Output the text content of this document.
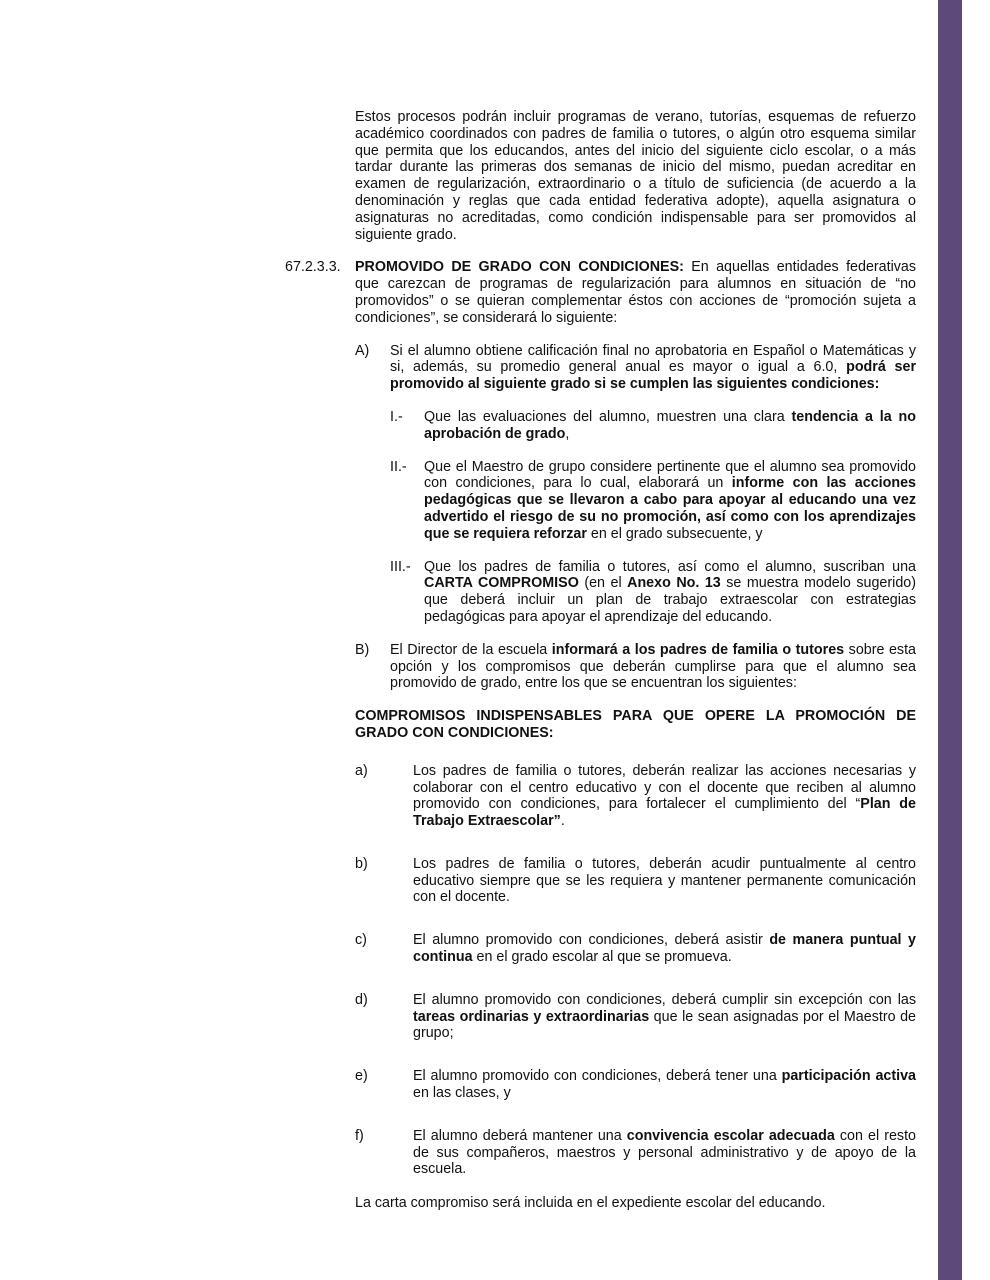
Estos procesos podrán incluir programas de verano, tutorías, esquemas de refuerzo académico coordinados con padres de familia o tutores, o algún otro esquema similar que permita que los educandos, antes del inicio del siguiente ciclo escolar, o a más tardar durante las primeras dos semanas de inicio del mismo, puedan acreditar en examen de regularización, extraordinario o a título de suficiencia (de acuerdo a la denominación y reglas que cada entidad federativa adopte), aquella asignatura o asignaturas no acreditadas, como condición indispensable para ser promovidos al siguiente grado.

67.2.3.3. PROMOVIDO DE GRADO CON CONDICIONES: En aquellas entidades federativas que carezcan de programas de regularización para alumnos en situación de “no promovidos” o se quieran complementar éstos con acciones de “promoción sujeta a condiciones”, se considerará lo siguiente:

A) Si el alumno obtiene calificación final no aprobatoria en Español o Matemáticas y si, además, su promedio general anual es mayor o igual a 6.0, podrá ser promovido al siguiente grado si se cumplen las siguientes condiciones:

I.- Que las evaluaciones del alumno, muestren una clara tendencia a la no aprobación de grado,

II.- Que el Maestro de grupo considere pertinente que el alumno sea promovido con condiciones, para lo cual, elaborará un informe con las acciones pedagógicas que se llevaron a cabo para apoyar al educando una vez advertido el riesgo de su no promoción, así como con los aprendizajes que se requiera reforzar en el grado subsecuente, y

III.- Que los padres de familia o tutores, así como el alumno, suscriban una CARTA COMPROMISO (en el Anexo No. 13 se muestra modelo sugerido) que deberá incluir un plan de trabajo extraescolar con estrategias pedagógicas para apoyar el aprendizaje del educando.

B) El Director de la escuela informará a los padres de familia o tutores sobre esta opción y los compromisos que deberán cumplirse para que el alumno sea promovido de grado, entre los que se encuentran los siguientes:

COMPROMISOS INDISPENSABLES PARA QUE OPERE LA PROMOCIÓN DE GRADO CON CONDICIONES:

a)	Los padres de familia o tutores, deberán realizar las acciones necesarias y colaborar con el centro educativo y con el docente que reciben al alumno promovido con condiciones, para fortalecer el cumplimiento del “Plan de Trabajo Extraescolar”.

b)	Los padres de familia o tutores, deberán acudir puntualmente al centro educativo siempre que se les requiera y mantener permanente comunicación con el docente.

c)	El alumno promovido con condiciones, deberá asistir de manera puntual y continua en el grado escolar al que se promueva.

d)	El alumno promovido con condiciones, deberá cumplir sin excepción con las tareas ordinarias y extraordinarias que le sean asignadas por el Maestro de grupo;

e)	El alumno promovido con condiciones, deberá tener una participación activa en las clases, y

f)	El alumno deberá mantener una convivencia escolar adecuada con el resto de sus compañeros, maestros y personal administrativo y de apoyo de la escuela.

La carta compromiso será incluida en el expediente escolar del educando.
